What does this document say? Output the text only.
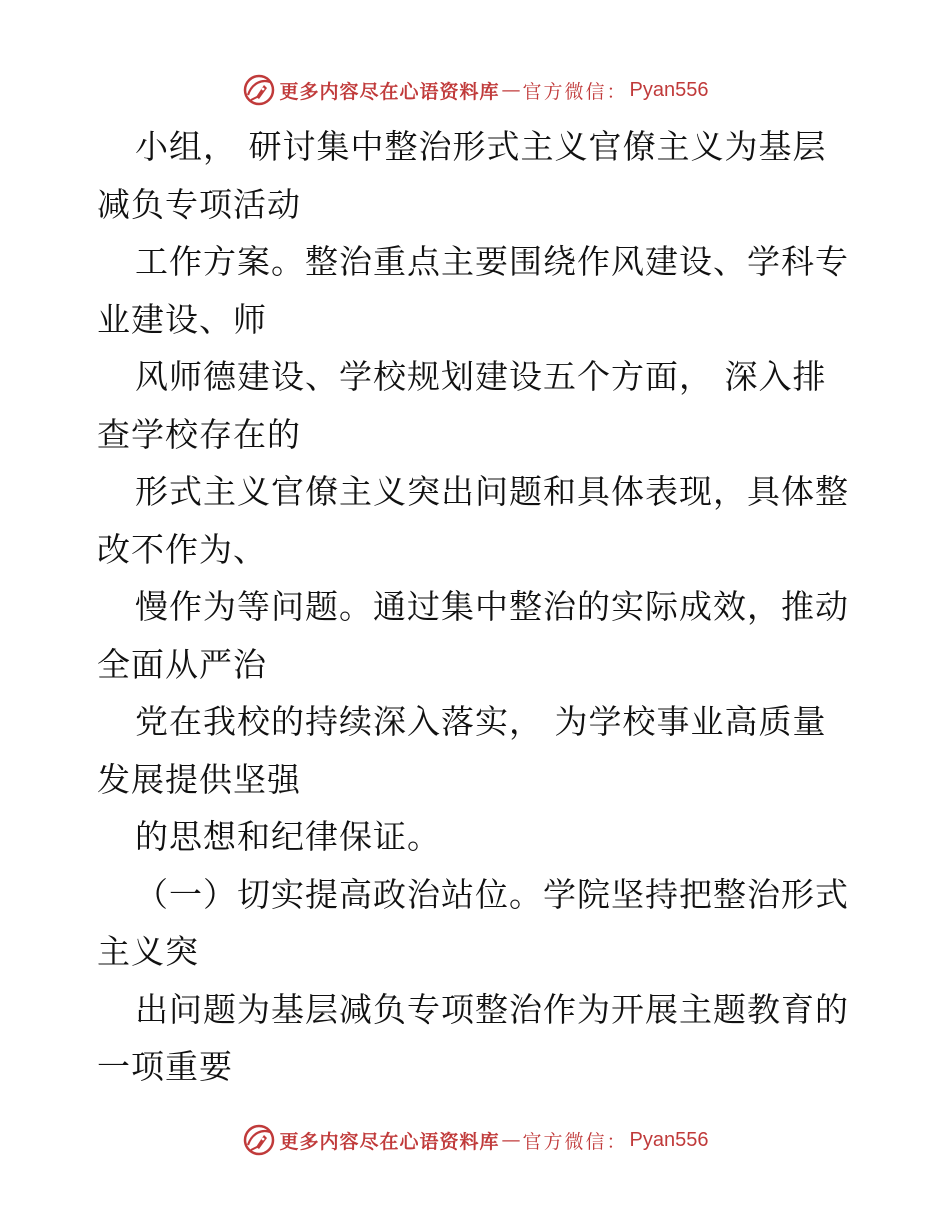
更多内容尽在心语资料库 — 官方微信： Pyan556
小组， 研讨集中整治形式主义官僚主义为基层
减负专项活动
工作方案。整治重点主要围绕作风建设、学科专
业建设、师
风师德建设、学校规划建设五个方面， 深入排
查学校存在的
形式主义官僚主义突出问题和具体表现，具体整
改不作为、
慢作为等问题。通过集中整治的实际成效，推动
全面从严治
党在我校的持续深入落实， 为学校事业高质量
发展提供坚强
的思想和纪律保证。
（一）切实提高政治站位。学院坚持把整治形式
主义突
出问题为基层减负专项整治作为开展主题教育的
一项重要
更多内容尽在心语资料库 — 官方微信： Pyan556
